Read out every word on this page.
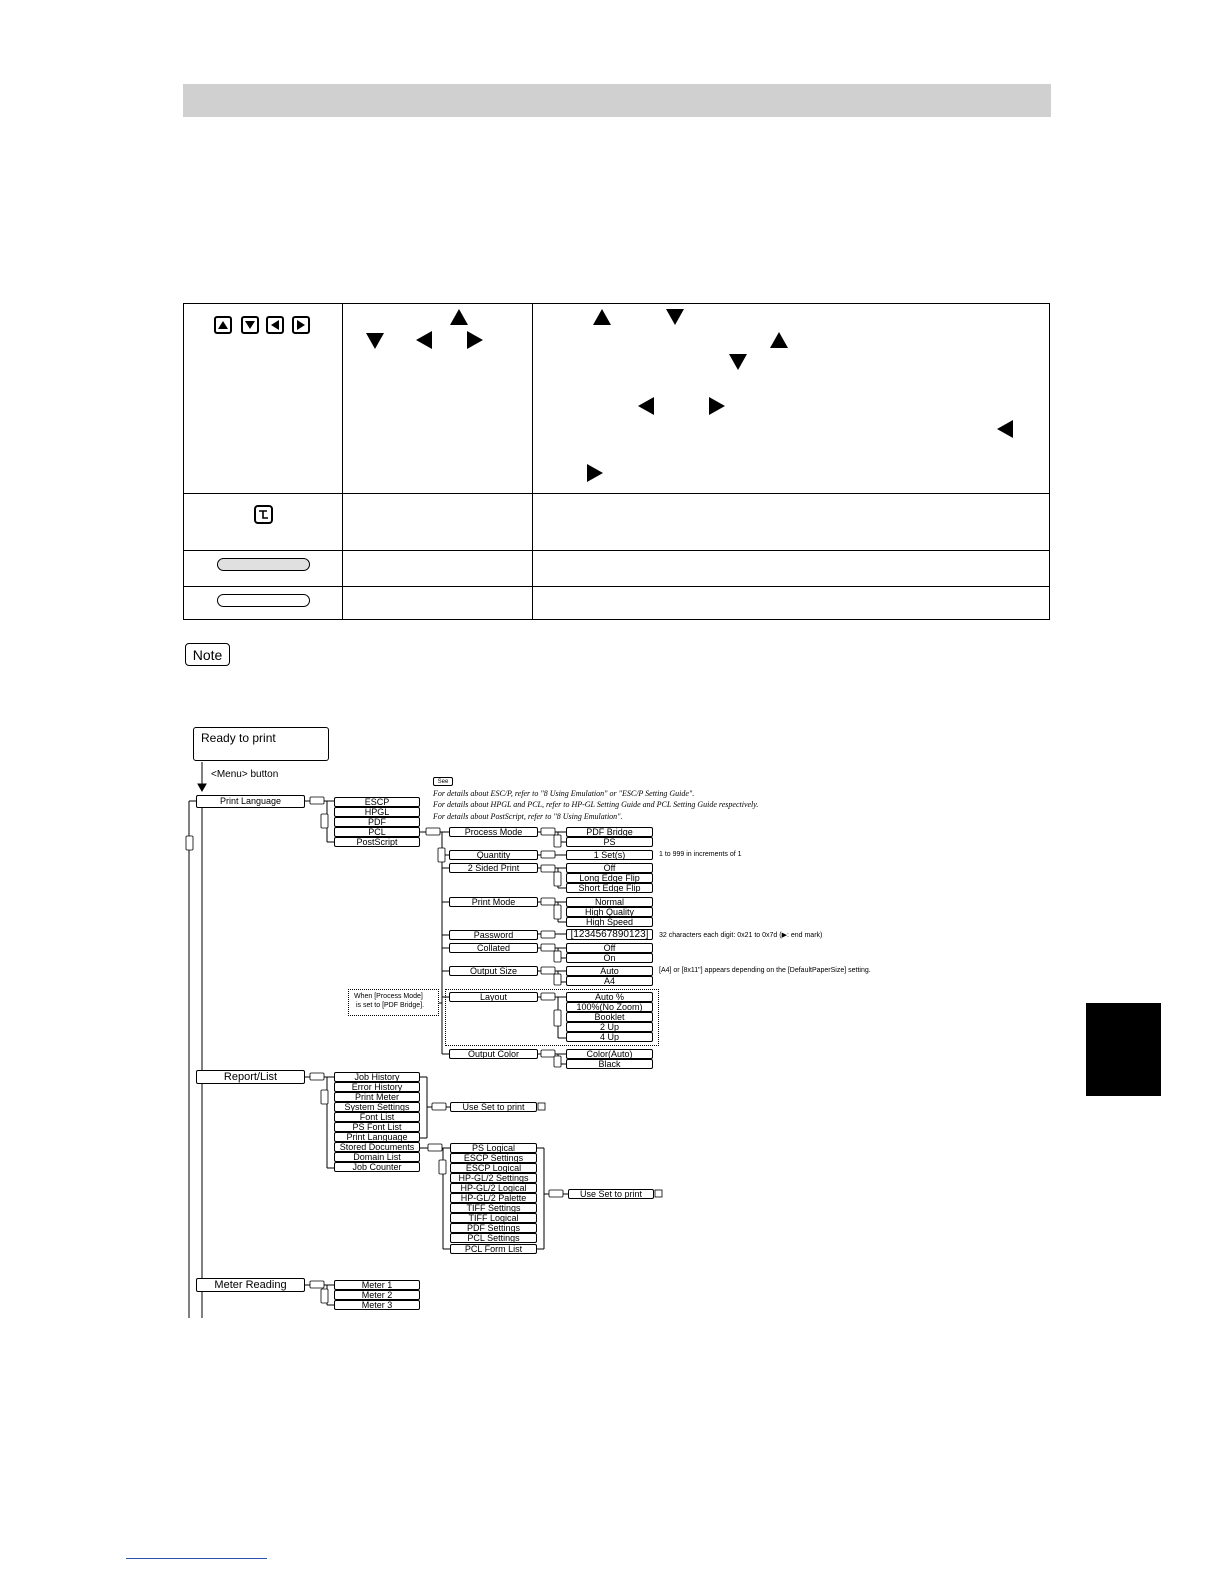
Note
Ready to print
<Menu> button
See
For details about ESC/P, refer to "8 Using Emulation" or "ESC/P Setting Guide".
For details about HPGL and PCL, refer to HP-GL Setting Guide and PCL Setting Guide respectively.
For details about PostScript, refer to "8 Using Emulation".
Print Language	ESCP
HPGL
PDF
PCL
PostScript
Process Mode
Quantity
2 Sided Print
Print Mode
Password
Collated
Output Size
Layout
Output Color
PDF Bridge
PS
1 Set(s)	1 to 999 in increments of 1
Off
Long Edge Flip
Short Edge Flip
Normal
High Quality
High Speed
[1234567890123]	32 characters each digit: 0x21 to 0x7d (▶: end mark)
Off
On
Auto
A4
[A4] or [8x11"] appears depending on the [DefaultPaperSize] setting.
When [Process Mode]
is set to [PDF Bridge].
Auto %
100%(No Zoom)
Booklet
2 Up
4 Up
Color(Auto)
Black
Report/List	Job History
Error History
Print Meter
System Settings
Font List
PS Font List
Print Language
Stored Documents
Domain List
Job Counter
Use Set to print
PS Logical
ESCP Settings
ESCP Logical
HP-GL/2 Settings
HP-GL/2 Logical
HP-GL/2 Palette
TIFF Settings
TIFF Logical
PDF Settings
PCL Settings
PCL Form List
Use Set to print
Meter Reading	Meter 1
Meter 2
Meter 3
